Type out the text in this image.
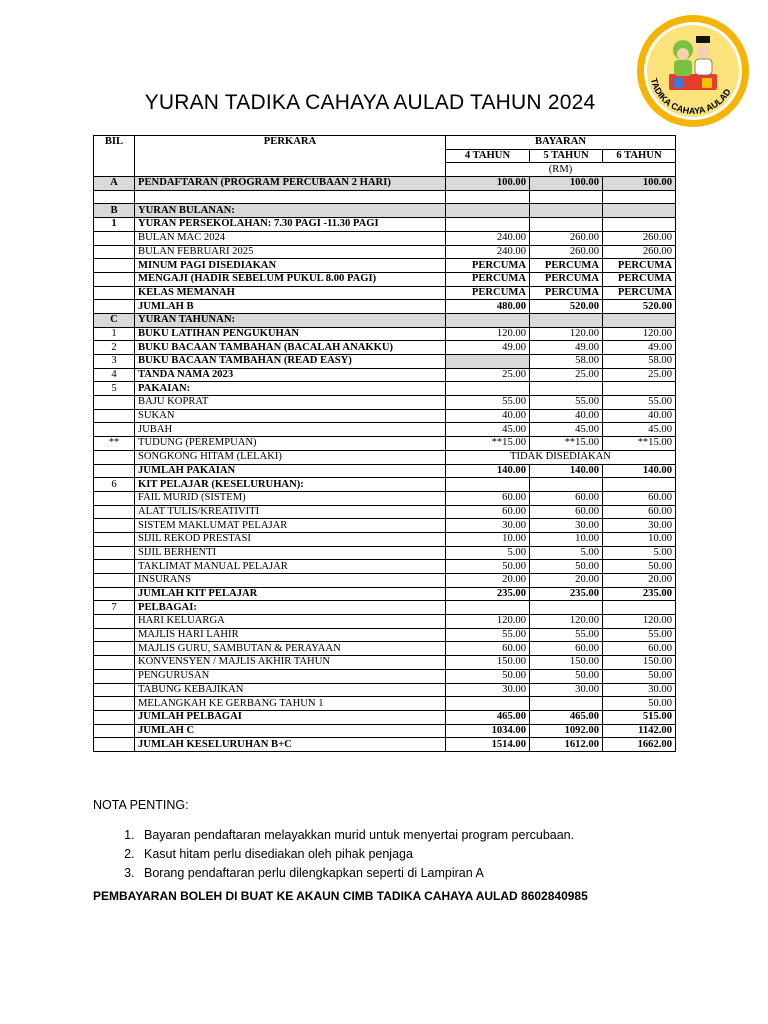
YURAN TADIKA CAHAYA AULAD TAHUN 2024
TADIKA CAHAYA AULAD
BIL	PERKARA	BAYARAN		
		4 TAHUN	5 TAHUN	6 TAHUN
		(RM)		
A	PENDAFTARAN (PROGRAM PERCUBAAN 2 HARI)	100.00	100.00	100.00

B	YURAN BULANAN:			
1	YURAN PERSEKOLAHAN: 7.30 PAGI -11.30 PAGI			
	BULAN MAC 2024	240.00	260.00	260.00
	BULAN FEBRUARI 2025	240.00	260.00	260.00
	MINUM PAGI DISEDIAKAN	PERCUMA	PERCUMA	PERCUMA
	MENGAJI (HADIR SEBELUM PUKUL 8.00 PAGI)	PERCUMA	PERCUMA	PERCUMA
	KELAS MEMANAH	PERCUMA	PERCUMA	PERCUMA
	JUMLAH B	480.00	520.00	520.00
C	YURAN TAHUNAN:			
1	BUKU LATIHAN PENGUKUHAN	120.00	120.00	120.00
2	BUKU BACAAN TAMBAHAN (BACALAH ANAKKU)	49.00	49.00	49.00
3	BUKU BACAAN TAMBAHAN (READ EASY)		58.00	58.00
4	TANDA NAMA 2023	25.00	25.00	25.00
5	PAKAIAN:			
	BAJU KOPRAT	55.00	55.00	55.00
	SUKAN	40.00	40.00	40.00
	JUBAH	45.00	45.00	45.00
**	TUDUNG (PEREMPUAN)	**15.00	**15.00	**15.00
	SONGKONG HITAM (LELAKI)	TIDAK DISEDIAKAN		
	JUMLAH PAKAIAN	140.00	140.00	140.00
6	KIT PELAJAR (KESELURUHAN):			
	FAIL MURID (SISTEM)	60.00	60.00	60.00
	ALAT TULIS/KREATIVITI	60.00	60.00	60.00
	SISTEM MAKLUMAT PELAJAR	30.00	30.00	30.00
	SIJIL REKOD PRESTASI	10.00	10.00	10.00
	SIJIL BERHENTI	5.00	5.00	5.00
	TAKLIMAT MANUAL PELAJAR	50.00	50.00	50.00
	INSURANS	20.00	20.00	20.00
	JUMLAH KIT PELAJAR	235.00	235.00	235.00
7	PELBAGAI:			
	HARI KELUARGA	120.00	120.00	120.00
	MAJLIS HARI LAHIR	55.00	55.00	55.00
	MAJLIS GURU, SAMBUTAN & PERAYAAN	60.00	60.00	60.00
	KONVENSYEN / MAJLIS AKHIR TAHUN	150.00	150.00	150.00
	PENGURUSAN	50.00	50.00	50.00
	TABUNG KEBAJIKAN	30.00	30.00	30.00
	MELANGKAH KE GERBANG TAHUN 1			50.00
	JUMLAH PELBAGAI	465.00	465.00	515.00
	JUMLAH C	1034.00	1092.00	1142.00
	JUMLAH KESELURUHAN B+C	1514.00	1612.00	1662.00
NOTA PENTING:
1. Bayaran pendaftaran melayakkan murid untuk menyertai program percubaan.
2. Kasut hitam perlu disediakan oleh pihak penjaga
3. Borang pendaftaran perlu dilengkapkan seperti di Lampiran A
PEMBAYARAN BOLEH DI BUAT KE AKAUN CIMB TADIKA CAHAYA AULAD 8602840985
